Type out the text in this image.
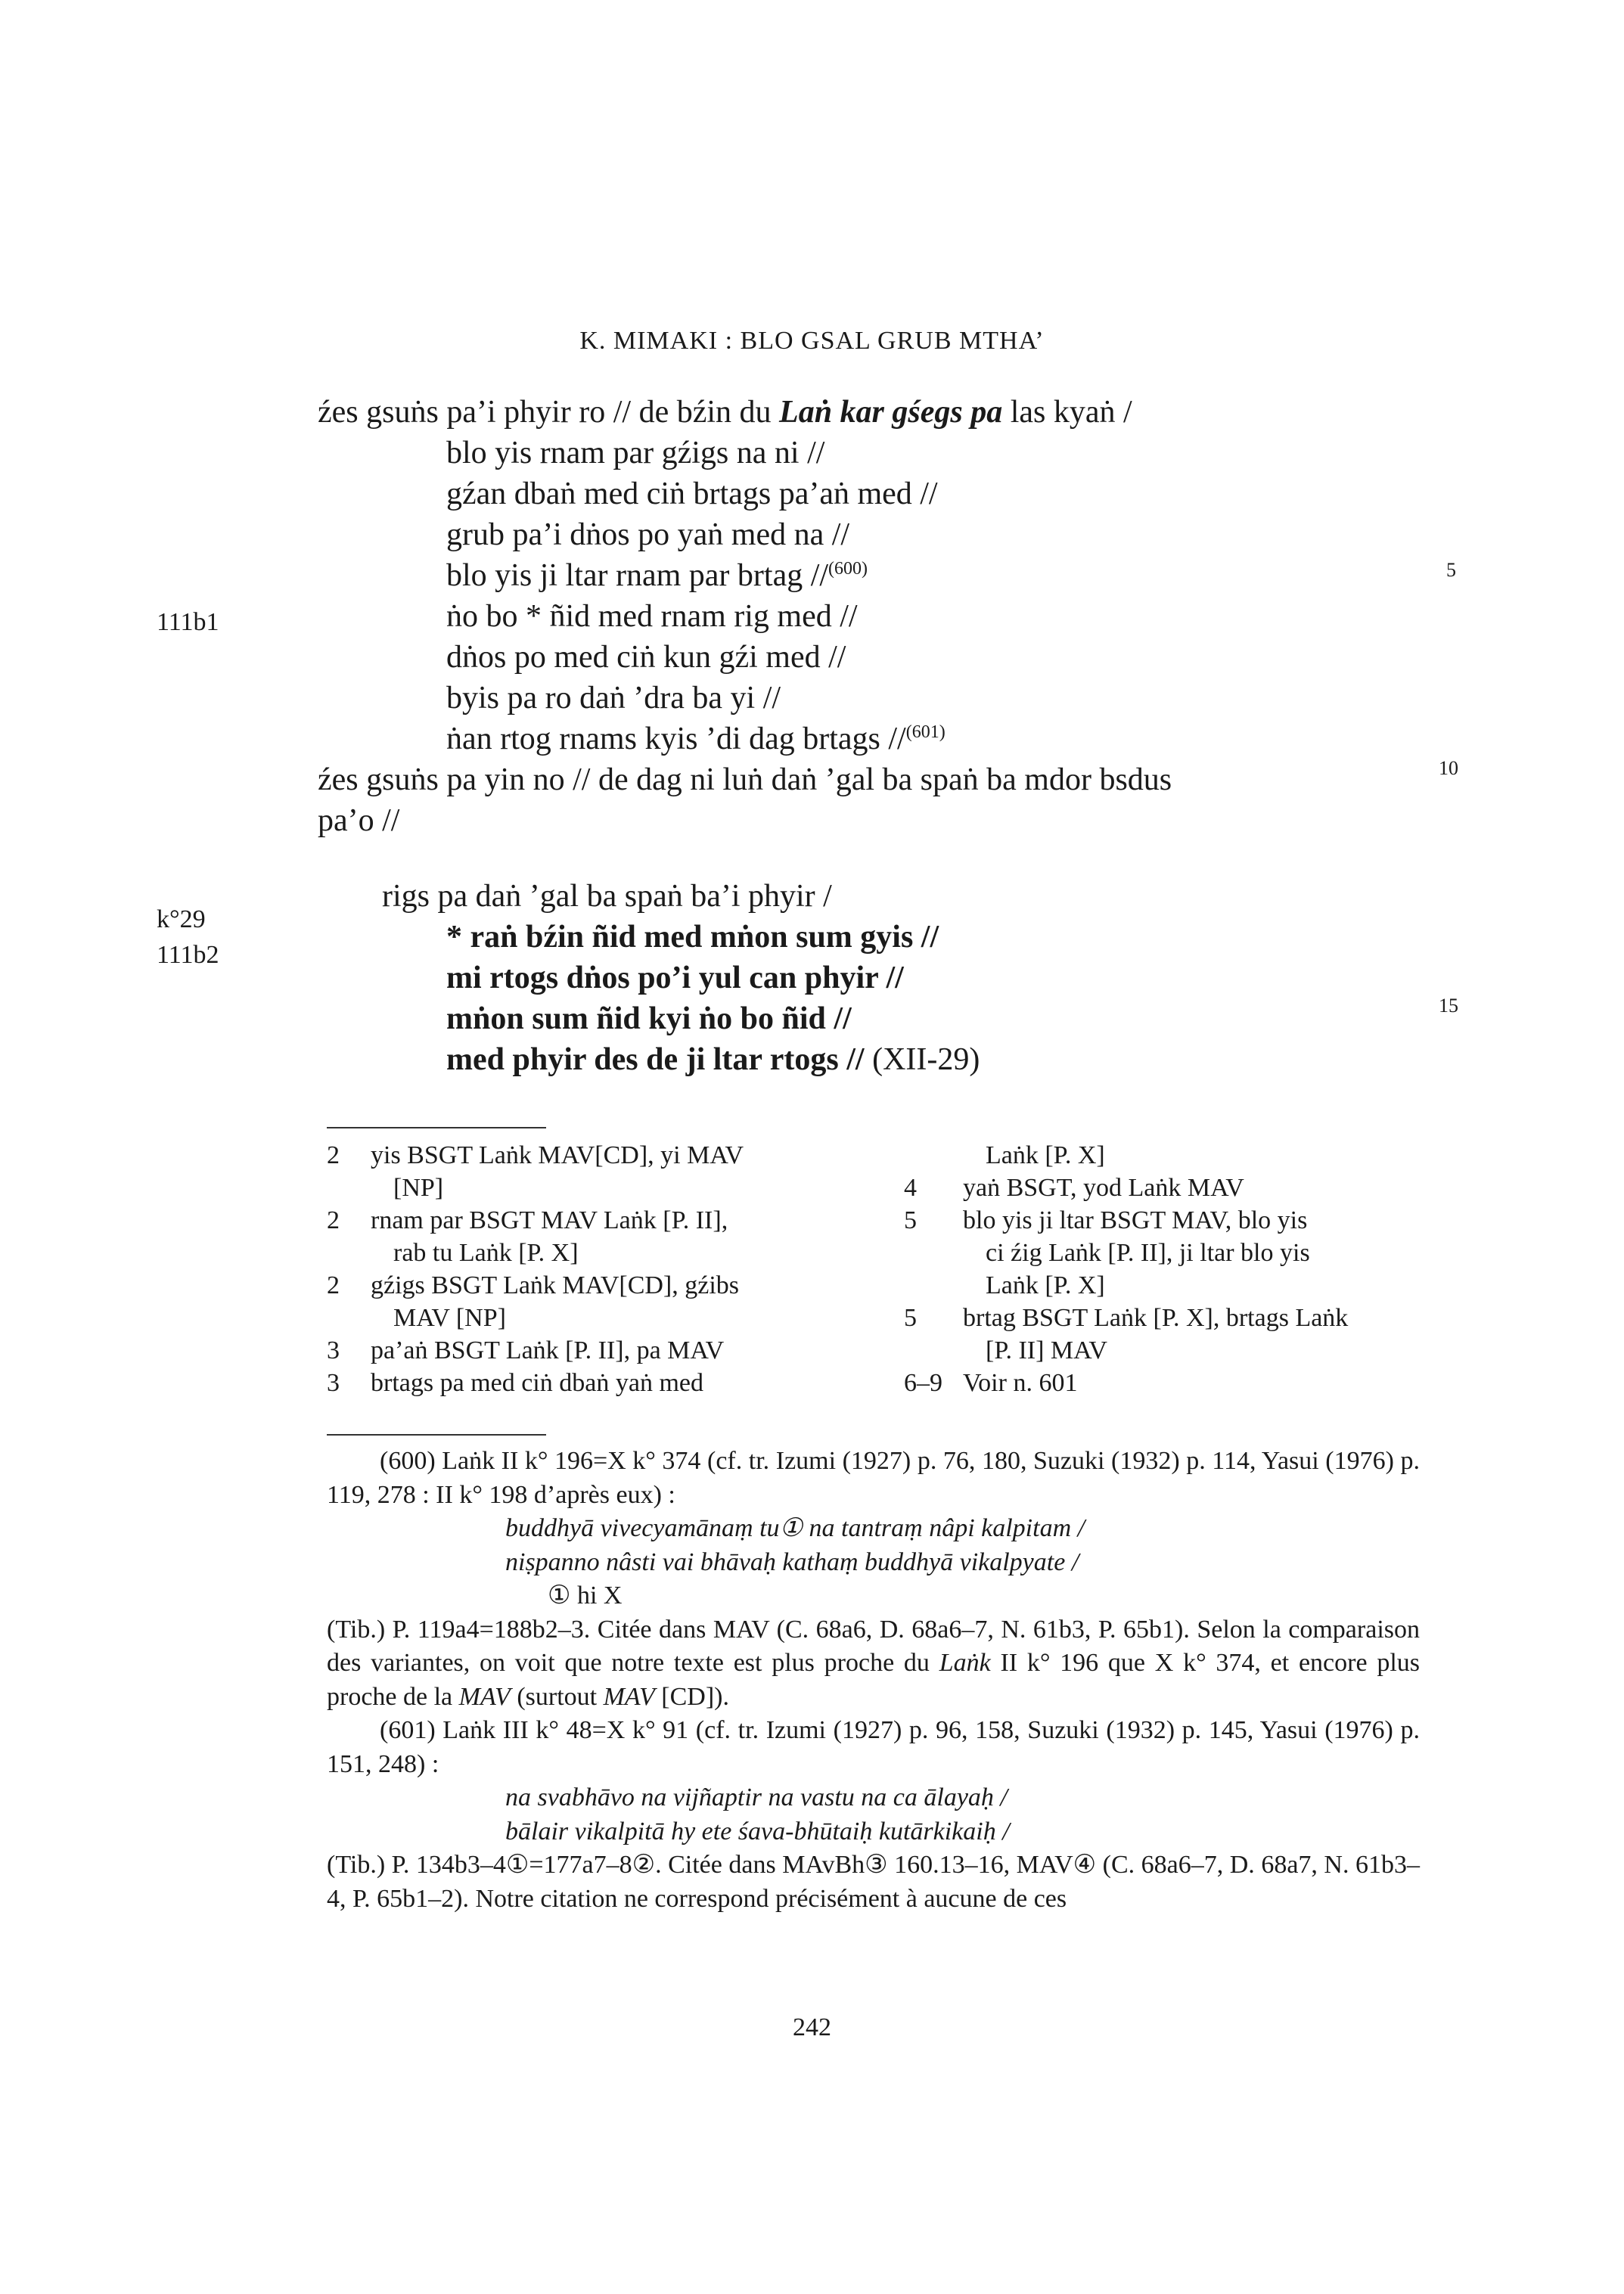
K. MIMAKI : BLO GSAL GRUB MTHA’
111b1
k°29
111b2
5
10
15
źes gsuṅs pa’i phyir ro // de bźin du Laṅ kar gśegs pa las kyaṅ /
blo yis rnam par gźigs na ni //
gźan dbaṅ med ciṅ brtags pa’aṅ med //
grub pa’i dṅos po yaṅ med na //
blo yis ji ltar rnam par brtag //$^{(600)}$
ṅo bo * ñid med rnam rig med //
dṅos po med ciṅ kun gźi med //
byis pa ro daṅ ’dra ba yi //
ṅan rtog rnams kyis ’di dag brtags //$^{(601)}$
źes gsuṅs pa yin no // de dag ni luṅ daṅ ’gal ba spaṅ ba mdor bsdus
pa’o //
rigs pa daṅ ’gal ba spaṅ ba’i phyir /
* raṅ bźin ñid med mṅon sum gyis //
mi rtogs dṅos po’i yul can phyir //
mṅon sum ñid kyi ṅo bo ñid //
med phyir des de ji ltar rtogs // (XII-29)
2	yis BSGT Laṅk MAV[CD], yi MAV
[NP]
2	rnam par BSGT MAV Laṅk [P. II],
rab tu Laṅk [P. X]
2	gźigs BSGT Laṅk MAV[CD], gźibs
MAV [NP]
3	pa’aṅ BSGT Laṅk [P. II], pa MAV
3	brtags pa med ciṅ dbaṅ yaṅ med
Laṅk [P. X]
4	yaṅ BSGT, yod Laṅk MAV
5	blo yis ji ltar BSGT MAV, blo yis
ci źig Laṅk [P. II], ji ltar blo yis
Laṅk [P. X]
5	brtag BSGT Laṅk [P. X], brtags Laṅk
[P. II] MAV
6–9 Voir n. 601

(600) Laṅk II k° 196=X k° 374 (cf. tr. Izumi (1927) p. 76, 180, Suzuki (1932) p. 114, Yasui (1976) p. 119, 278 : II k° 198 d’après eux) :

buddhyā vivecyamānaṃ tu① na tantraṃ nâpi kalpitam /

niṣpanno nâsti vai bhāvaḥ kathaṃ buddhyā vikalpyate /

① hi X

(Tib.) P. 119a4=188b2–3. Citée dans MAV (C. 68a6, D. 68a6–7, N. 61b3, P. 65b1). Selon la comparaison des variantes, on voit que notre texte est plus proche du Laṅk II k° 196 que X k° 374, et encore plus proche de la MAV (surtout MAV [CD]).

(601) Laṅk III k° 48=X k° 91 (cf. tr. Izumi (1927) p. 96, 158, Suzuki (1932) p. 145, Yasui (1976) p. 151, 248) :

na svabhāvo na vijñaptir na vastu na ca ālayaḥ /

bālair vikalpitā hy ete śava-bhūtaiḥ kutārkikaiḥ /

(Tib.) P. 134b3–4①=177a7–8②. Citée dans MAvBh③ 160.13–16, MAV④ (C. 68a6–7, D. 68a7, N. 61b3–4, P. 65b1–2). Notre citation ne correspond précisément à aucune de ces

242
